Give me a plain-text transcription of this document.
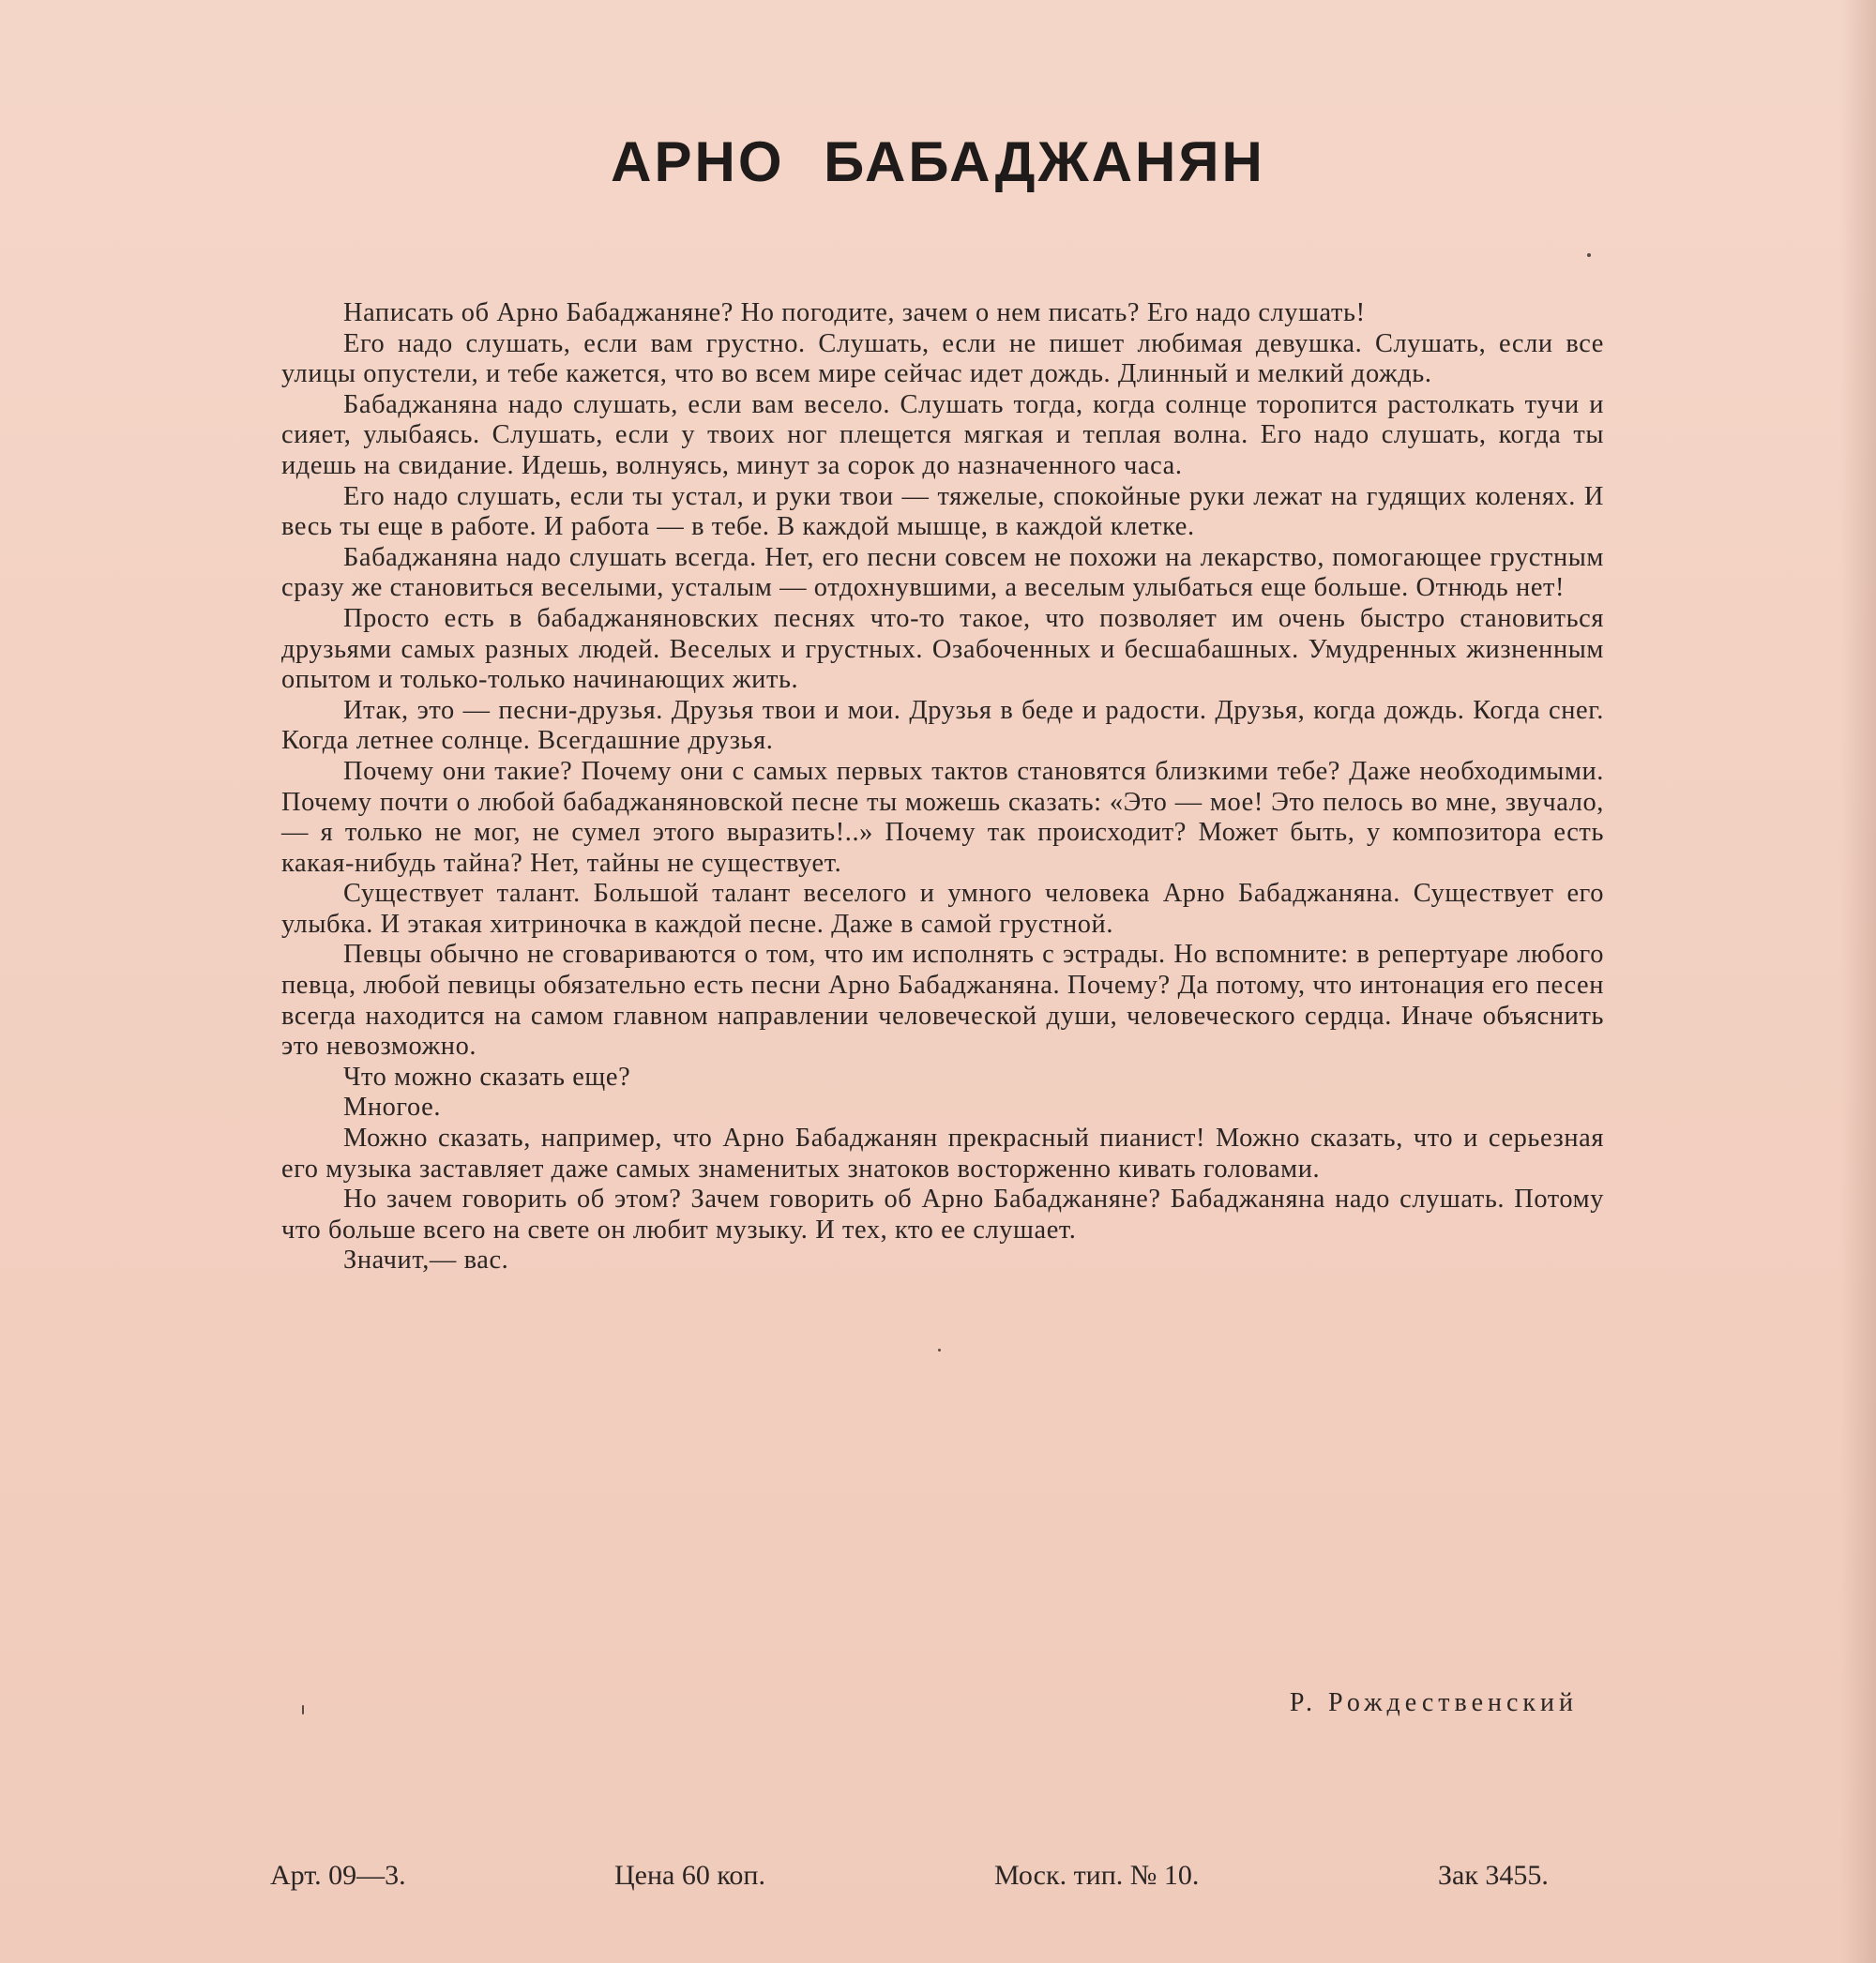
АРНО БАБАДЖАНЯН

Написать об Арно Бабаджаняне? Но погодите, зачем о нем писать? Его надо слушать!

Его надо слушать, если вам грустно. Слушать, если не пишет любимая девушка. Слушать, если все улицы опустели, и тебе кажется, что во всем мире сейчас идет дождь. Длинный и мелкий дождь.

Бабаджаняна надо слушать, если вам весело. Слушать тогда, когда солнце торопится растолкать тучи и сияет, улыбаясь. Слушать, если у твоих ног плещется мягкая и теплая волна. Его надо слушать, когда ты идешь на свидание. Идешь, волнуясь, минут за сорок до назначенного часа.

Его надо слушать, если ты устал, и руки твои — тяжелые, спокойные руки лежат на гудящих коленях. И весь ты еще в работе. И работа — в тебе. В каждой мышце, в каждой клетке.

Бабаджаняна надо слушать всегда. Нет, его песни совсем не похожи на лекарство, помогающее грустным сразу же становиться веселыми, усталым — отдохнувшими, а веселым улыбаться еще больше. Отнюдь нет!

Просто есть в бабаджаняновских песнях что-то такое, что позволяет им очень быстро становиться друзьями самых разных людей. Веселых и грустных. Озабоченных и бесшабашных. Умудренных жизненным опытом и только-только начинающих жить.

Итак, это — песни-друзья. Друзья твои и мои. Друзья в беде и радости. Друзья, когда дождь. Когда снег. Когда летнее солнце. Всегдашние друзья.

Почему они такие? Почему они с самых первых тактов становятся близкими тебе? Даже необходимыми. Почему почти о любой бабаджаняновской песне ты можешь сказать: «Это — мое! Это пелось во мне, звучало,— я только не мог, не сумел этого выразить!..» Почему так происходит? Может быть, у композитора есть какая-нибудь тайна? Нет, тайны не существует.

Существует талант. Большой талант веселого и умного человека Арно Бабаджаняна. Существует его улыбка. И этакая хитриночка в каждой песне. Даже в самой грустной.

Певцы обычно не сговариваются о том, что им исполнять с эстрады. Но вспомните: в репертуаре любого певца, любой певицы обязательно есть песни Арно Бабаджаняна. Почему? Да потому, что интонация его песен всегда находится на самом главном направлении человеческой души, человеческого сердца. Иначе объяснить это невозможно.

Что можно сказать еще?

Многое.

Можно сказать, например, что Арно Бабаджанян прекрасный пианист! Можно сказать, что и серьезная его музыка заставляет даже самых знаменитых знатоков восторженно кивать головами.

Но зачем говорить об этом? Зачем говорить об Арно Бабаджаняне? Бабаджаняна надо слушать. Потому что больше всего на свете он любит музыку. И тех, кто ее слушает.

Значит,— вас.

Р. Рождественский
Арт. 09—3.	Цена 60 коп.	Моск. тип. № 10.	Зак 3455.
